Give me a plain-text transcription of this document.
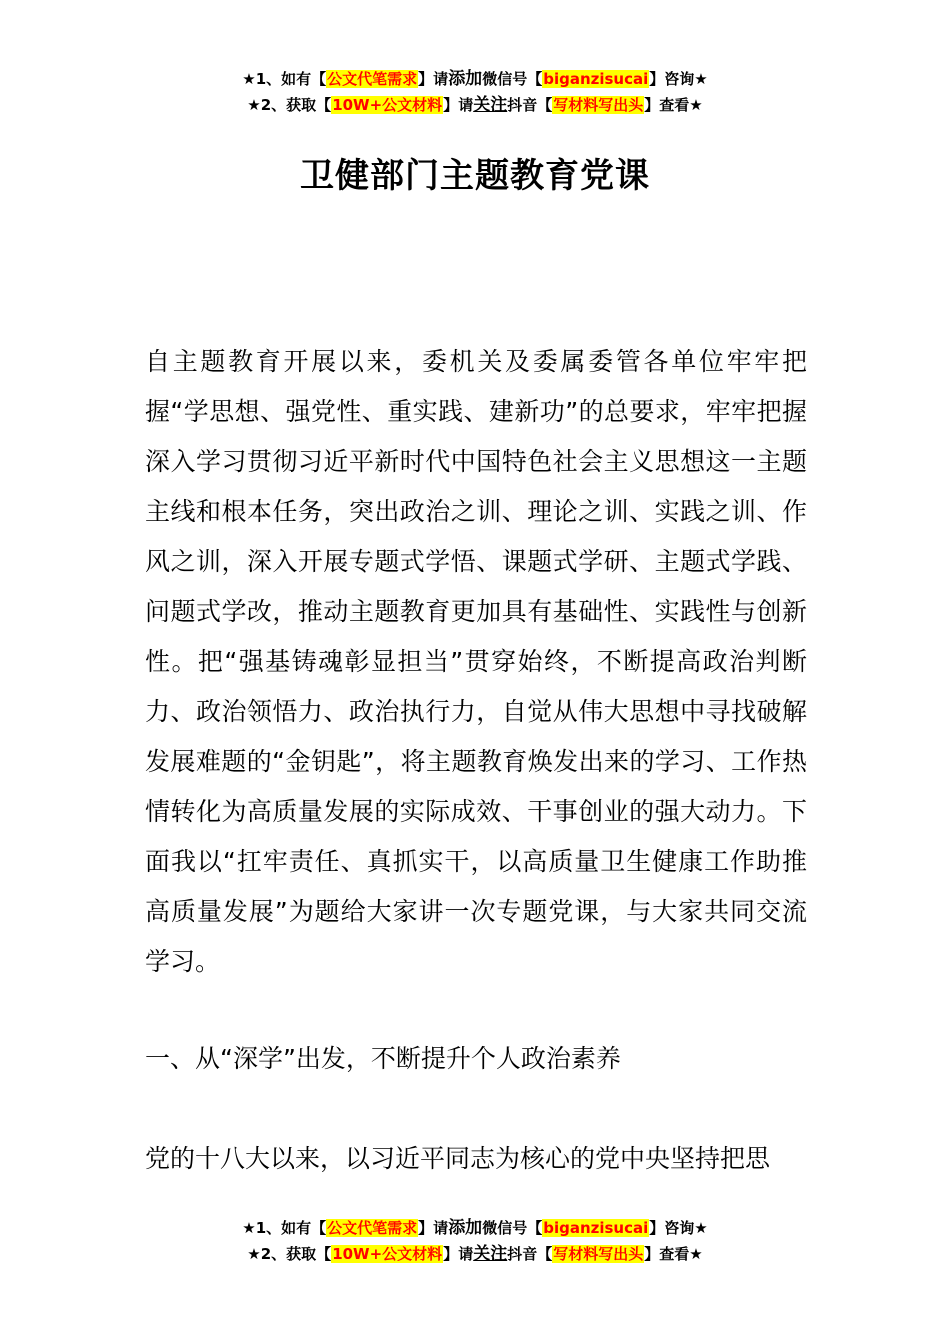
★1、如有【公文代笔需求】请添加微信号【biganzisucai】咨询★
★2、获取【10W+公文材料】请关注抖音【写材料写出头】查看★
卫健部门主题教育党课
自主题教育开展以来，委机关及委属委管各单位牢牢把握“学思想、强党性、重实践、建新功”的总要求，牢牢把握深入学习贯彻习近平新时代中国特色社会主义思想这一主题主线和根本任务，突出政治之训、理论之训、实践之训、作风之训，深入开展专题式学悟、课题式学研、主题式学践、问题式学改，推动主题教育更加具有基础性、实践性与创新性。把“强基铸魂彰显担当”贯穿始终，不断提高政治判断力、政治领悟力、政治执行力，自觉从伟大思想中寻找破解发展难题的“金钥匙”，将主题教育焕发出来的学习、工作热情转化为高质量发展的实际成效、干事创业的强大动力。下面我以“扛牢责任、真抓实干，以高质量卫生健康工作助推高质量发展”为题给大家讲一次专题党课，与大家共同交流学习。
一、从“深学”出发，不断提升个人政治素养
党的十八大以来，以习近平同志为核心的党中央坚持把思
★1、如有【公文代笔需求】请添加微信号【biganzisucai】咨询★
★2、获取【10W+公文材料】请关注抖音【写材料写出头】查看★
